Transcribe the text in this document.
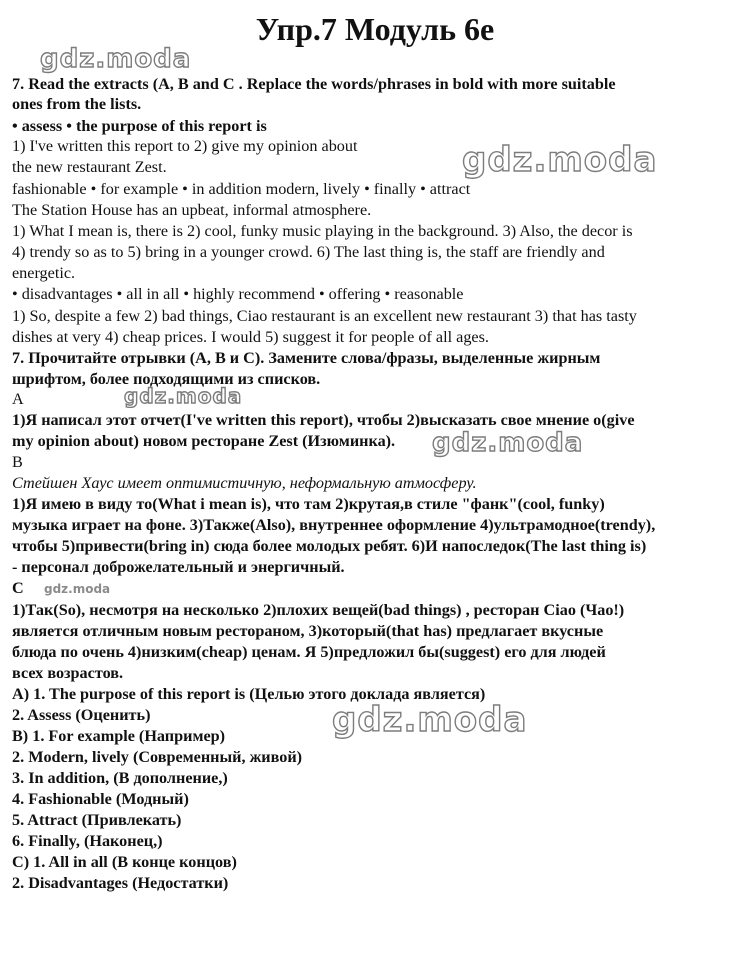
Упр.7 Модуль 6е
gdz.moda
gdz.moda
gdz.moda
gdz.moda
gdz.moda
gdz.moda
7. Read the extracts (A, B and C . Replace the words/phrases in bold with more suitable
ones from the lists.
• assess • the purpose of this report is
1) I've written this report to 2) give my opinion about
the new restaurant Zest.
fashionable • for example • in addition modern, lively • finally • attract
The Station House has an upbeat, informal atmosphere.
1) What I mean is, there is 2) cool, funky music playing in the background. 3) Also, the decor is
4) trendy so as to 5) bring in a younger crowd. 6) The last thing is, the staff are friendly and
energetic.
• disadvantages • all in all • highly recommend • offering • reasonable
1) So, despite a few 2) bad things, Ciao restaurant is an excellent new restaurant 3) that has tasty
dishes at very 4) cheap prices. I would 5) suggest it for people of all ages.
7. Прочитайте отрывки (А, В и С). Замените слова/фразы, выделенные жирным
шрифтом, более подходящими из списков.
A
1)Я написал этот отчет(I've written this report), чтобы 2)высказать свое мнение о(give
my opinion about) новом ресторане Zest (Изюминка).
B
Стейшен Хаус имеет оптимистичную, неформальную атмосферу.
1)Я имею в виду то(What i mean is), что там 2)крутая,в стиле "фанк"(cool, funky)
музыка играет на фоне. 3)Также(Also), внутреннее оформление 4)ультрамодное(trendy),
чтобы 5)привести(bring in) сюда более молодых ребят. 6)И напоследок(The last thing is)
- персонал доброжелательный и энергичный.
C
1)Так(So), несмотря на несколько 2)плохих вещей(bad things) , ресторан Ciao (Чао!)
является отличным новым рестораном, 3)который(that has) предлагает вкусные
блюда по очень 4)низким(cheap) ценам. Я 5)предложил бы(suggest) его для людей
всех возрастов.
A) 1. The purpose of this report is (Целью этого доклада является)
2. Assess (Оценить)
B) 1. For example (Например)
2. Modern, lively (Современный, живой)
3. In addition, (В дополнение,)
4. Fashionable (Модный)
5. Attract (Привлекать)
6. Finally, (Наконец,)
C) 1. All in all (В конце концов)
2. Disadvantages (Недостатки)
